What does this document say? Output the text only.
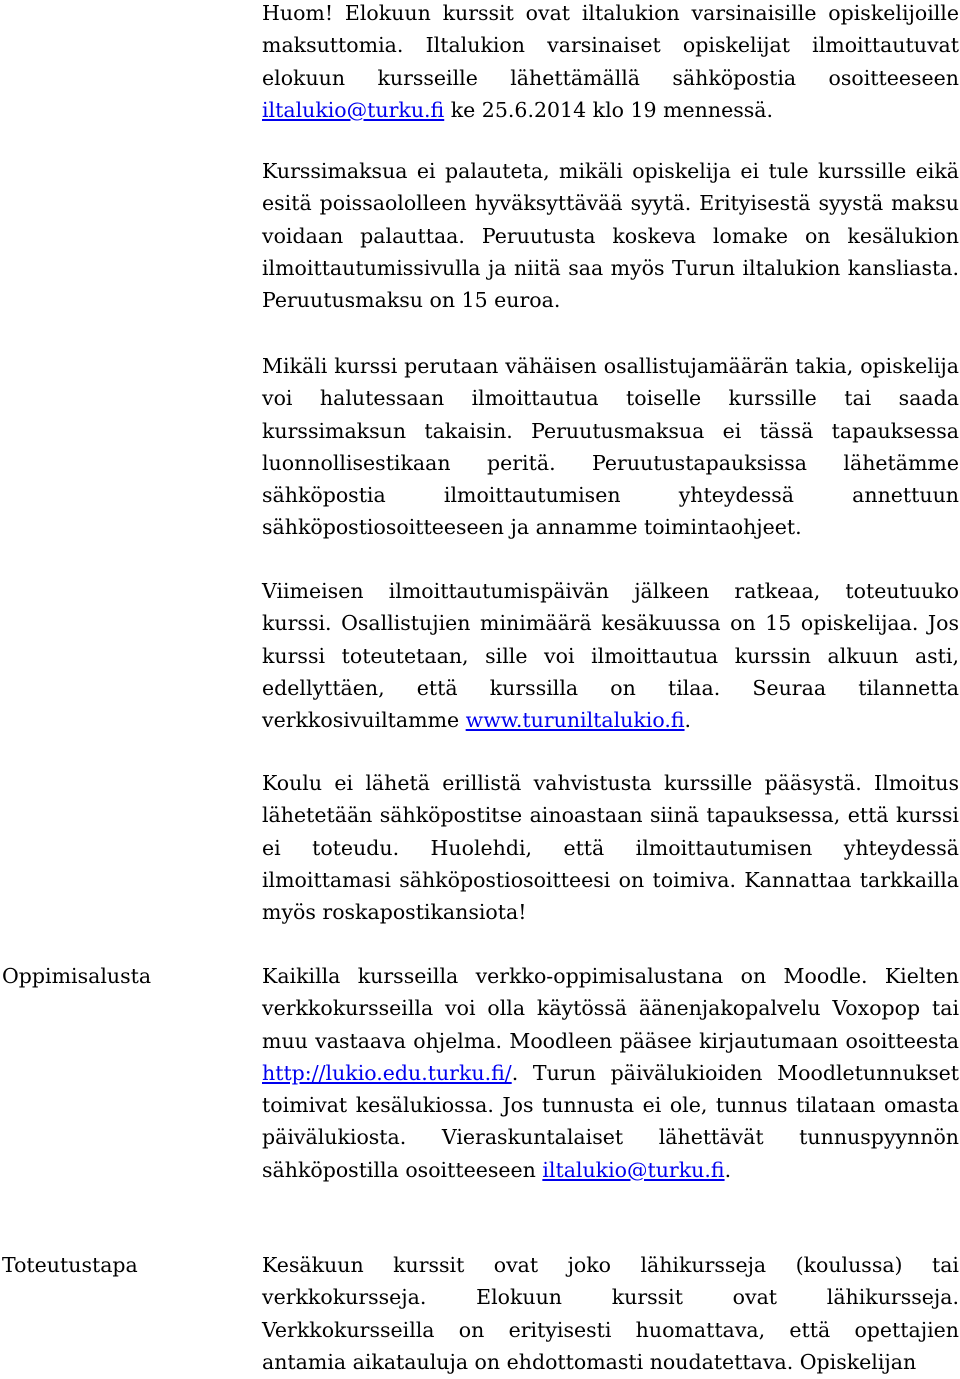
Huom! Elokuun kurssit ovat iltalukion varsinaisille opiskelijoille maksuttomia. Iltalukion varsinaiset opiskelijat ilmoittautuvat elokuun kursseille lähettämällä sähköpostia osoitteeseen iltalukio@turku.fi ke 25.6.2014 klo 19 mennessä.
Kurssimaksua ei palauteta, mikäli opiskelija ei tule kurssille eikä esitä poissaololleen hyväksyttävää syytä. Erityisestä syystä maksu voidaan palauttaa. Peruutusta koskeva lomake on kesälukion ilmoittautumissivulla ja niitä saa myös Turun iltalukion kansliasta. Peruutusmaksu on 15 euroa.
Mikäli kurssi perutaan vähäisen osallistujamäärän takia, opiskelija voi halutessaan ilmoittautua toiselle kurssille tai saada kurssimaksun takaisin. Peruutusmaksua ei tässä tapauksessa luonnollisestikaan peritä. Peruutustapauksissa lähetämme sähköpostia ilmoittautumisen yhteydessä annettuun sähköpostiosoitteeseen ja annamme toimintaohjeet.
Viimeisen ilmoittautumispäivän jälkeen ratkeaa, toteutuuko kurssi. Osallistujien minimäärä kesäkuussa on 15 opiskelijaa. Jos kurssi toteutetaan, sille voi ilmoittautua kurssin alkuun asti, edellyttäen, että kurssilla on tilaa. Seuraa tilannetta verkkosivuiltamme www.turuniltalukio.fi.
Koulu ei lähetä erillistä vahvistusta kurssille pääsystä. Ilmoitus lähetetään sähköpostitse ainoastaan siinä tapauksessa, että kurssi ei toteudu. Huolehdi, että ilmoittautumisen yhteydessä ilmoittamasi sähköpostiosoitteesi on toimiva. Kannattaa tarkkailla myös roskapostikansiota!
Oppimisalusta	Kaikilla kursseilla verkko-oppimisalustana on Moodle. Kielten verkkokursseilla voi olla käytössä äänenjakopalvelu Voxopop tai muu vastaava ohjelma. Moodleen pääsee kirjautumaan osoitteesta http://lukio.edu.turku.fi/. Turun päivälukioiden Moodletunnukset toimivat kesälukiossa. Jos tunnusta ei ole, tunnus tilataan omasta päivälukiosta. Vieraskuntalaiset lähettävät tunnuspyynnön sähköpostilla osoitteeseen iltalukio@turku.fi.
Toteutustapa	Kesäkuun kurssit ovat joko lähikursseja (koulussa) tai verkkokursseja. Elokuun kurssit ovat lähikursseja. Verkkokursseilla on erityisesti huomattava, että opettajien antamia aikatauluja on ehdottomasti noudatettava. Opiskelijan
